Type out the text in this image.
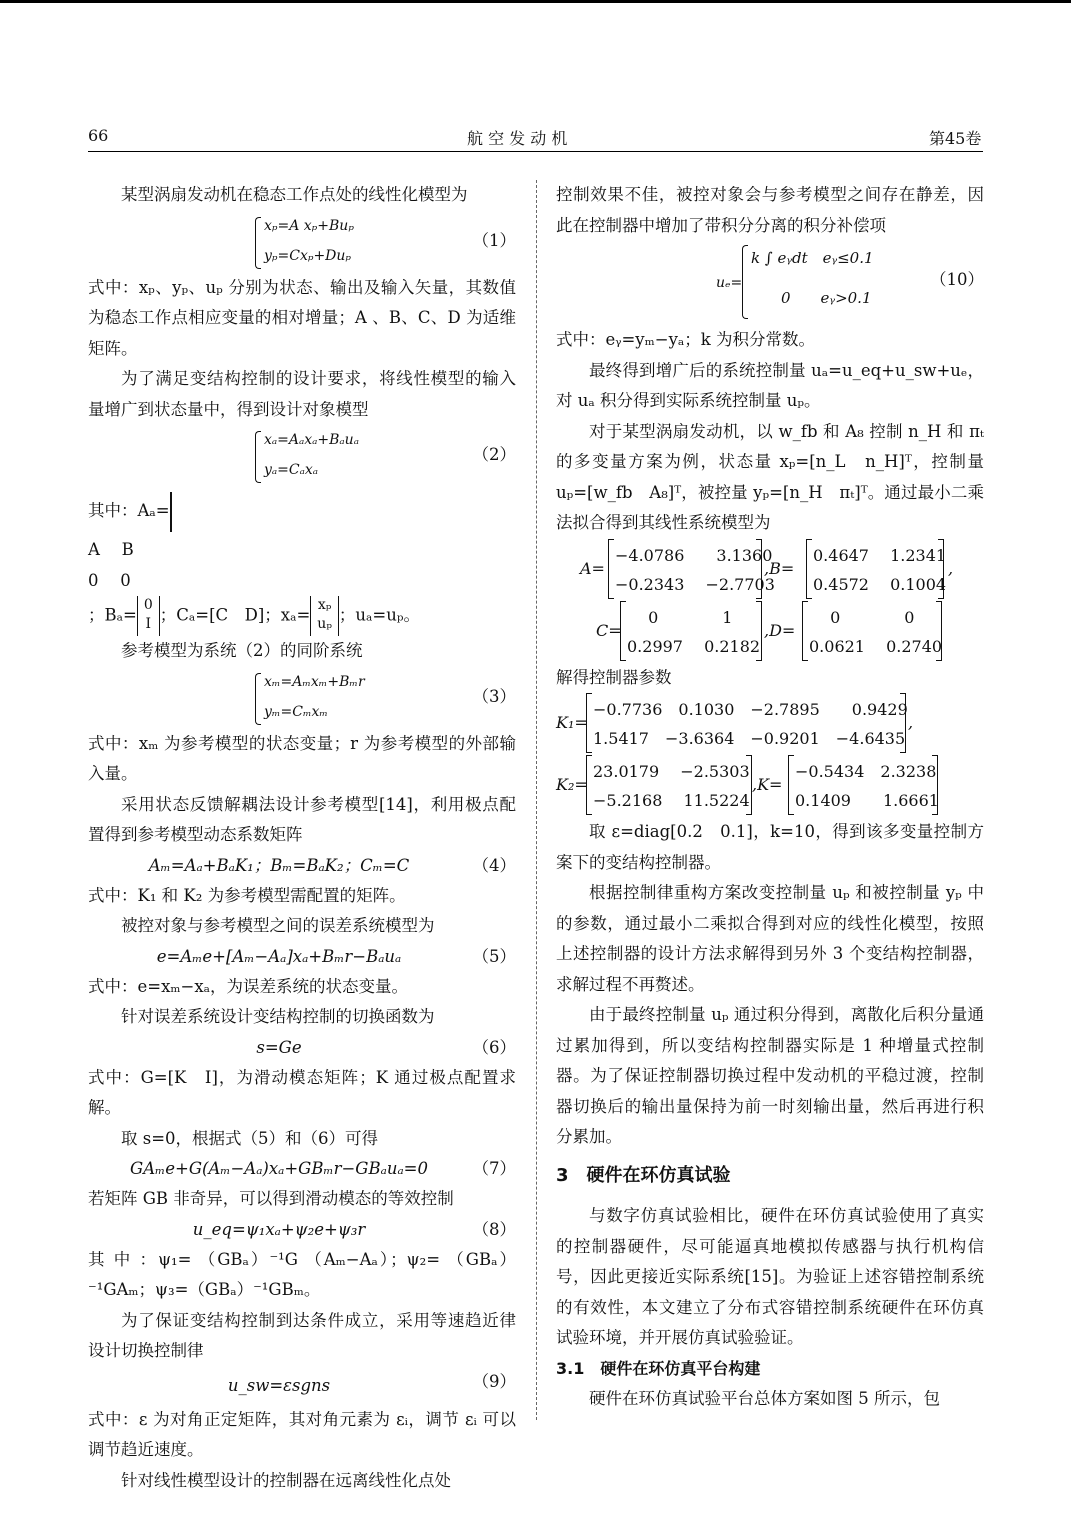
66	航 空 发 动 机	第45卷

某型涡扇发动机在稳态工作点处的线性化模型为

xₚ=A xₚ+Buₚ
yₚ=Cxₚ+Duₚ
（1）

式中：xₚ、yₚ、uₚ 分别为状态、输出及输入矢量，其数值为稳态工作点相应变量的相对增量；A 、B、C、D 为适维矩阵。

为了满足变结构控制的设计要求，将线性模型的输入量增广到状态量中，得到设计对象模型

xₐ=Aₐxₐ+Bₐuₐ
yₐ=Cₐxₐ
（2）

其中：Aₐ=

A　 B
0　 0
；Bₐ=
0
I ；Cₐ=[C　D]；xₐ=
xₚ
uₚ ；uₐ=uₚ。

参考模型为系统（2）的同阶系统

xₘ=Aₘxₘ+Bₘr
yₘ=Cₘxₘ
（3）

式中：xₘ 为参考模型的状态变量；r 为参考模型的外部输入量。

采用状态反馈解耦法设计参考模型[14]，利用极点配置得到参考模型动态系数矩阵

Aₘ=Aₐ+BₐK₁；Bₘ=BₐK₂；Cₘ=C	（4）

式中：K₁ 和 K₂ 为参考模型需配置的矩阵。

被控对象与参考模型之间的误差系统模型为

e=Aₘe+[Aₘ−Aₐ]xₐ+Bₘr−Bₐuₐ	（5）

式中：e=xₘ−xₐ，为误差系统的状态变量。

针对误差系统设计变结构控制的切换函数为

s=Ge	（6）

式中：G=[K　I]，为滑动模态矩阵；K 通过极点配置求解。

取 s=0，根据式（5）和（6）可得

GAₘe+G(Aₘ−Aₐ)xₐ+GBₘr−GBₐuₐ=0	（7）

若矩阵 GB 非奇异，可以得到滑动模态的等效控制

u_eq=ψ₁xₐ+ψ₂e+ψ₃r	（8）

其 中 ：ψ₁= （GBₐ）⁻¹G （Aₘ−Aₐ）；ψ₂= （GBₐ）⁻¹GAₘ；ψ₃=（GBₐ）⁻¹GBₘ。

为了保证变结构控制到达条件成立，采用等速趋近律设计切换控制律

u_sw=εsgns	（9）

式中：ε 为对角正定矩阵，其对角元素为 εᵢ，调节 εᵢ 可以调节趋近速度。

针对线性模型设计的控制器在远离线性化点处

控制效果不佳，被控对象会与参考模型之间存在静差，因此在控制器中增加了带积分分离的积分补偿项

uₑ=
k ∫ eᵧdt　eᵧ≤0.1
0　　eᵧ>0.1
（10）

式中：eᵧ=yₘ−yₐ；k 为积分常数。

最终得到增广后的系统控制量 uₐ=u_eq+u_sw+uₑ，对 uₐ 积分得到实际系统控制量 uₚ。

对于某型涡扇发动机，以 w_fb 和 A₈ 控制 n_H 和 πₜ 的多变量方案为例，状态量 xₚ=[n_L　n_H]ᵀ，控制量 uₚ=[w_fb　A₈]ᵀ，被控量 yₚ=[n_H　πₜ]ᵀ。通过最小二乘法拟合得到其线性系统模型为

A=
−4.0786　　3.1360
−0.2343　 −2.7703
,B=
0.4647　 1.2341
0.4572　 0.1004
,
C=
　 0　　　　1
0.2997　 0.2182
,D=
　 0　　　　0
0.0621　 0.2740

解得控制器参数

K₁=
−0.7736　0.1030　−2.7895　　0.9429
1.5417　−3.6364　−0.9201　−4.6435
,
K₂=
23.0179　 −2.5303
−5.2168　 11.5224
,K=
−0.5434　2.3238
0.1409　　1.6661

取 ε=diag[0.2　0.1]，k=10，得到该多变量控制方案下的变结构控制器。

根据控制律重构方案改变控制量 uₚ 和被控制量 yₚ 中的参数，通过最小二乘拟合得到对应的线性化模型，按照上述控制器的设计方法求解得到另外 3 个变结构控制器，求解过程不再赘述。

由于最终控制量 uₚ 通过积分得到，离散化后积分量通过累加得到，所以变结构控制器实际是 1 种增量式控制器。为了保证控制器切换过程中发动机的平稳过渡，控制器切换后的输出量保持为前一时刻输出量，然后再进行积分累加。

3　硬件在环仿真试验

与数字仿真试验相比，硬件在环仿真试验使用了真实的控制器硬件，尽可能逼真地模拟传感器与执行机构信号，因此更接近实际系统[15]。为验证上述容错控制系统的有效性，本文建立了分布式容错控制系统硬件在环仿真试验环境，并开展仿真试验验证。

3.1　硬件在环仿真平台构建

硬件在环仿真试验平台总体方案如图 5 所示，包
